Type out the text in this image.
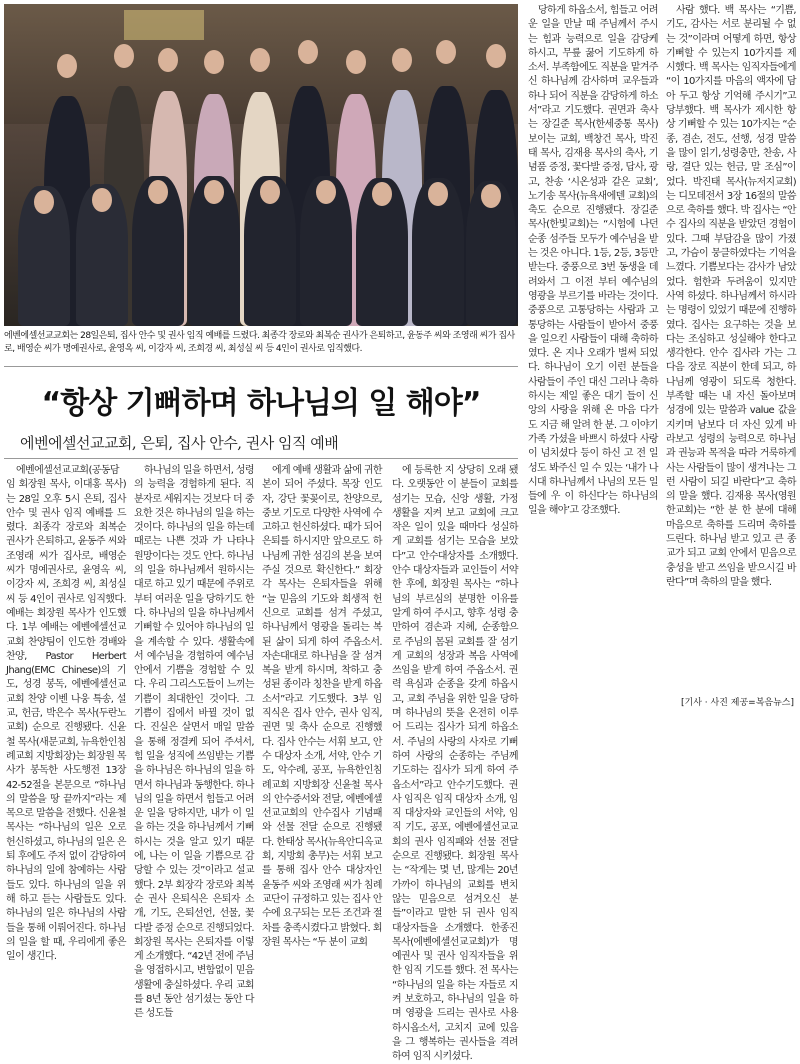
에벤에셀선교교회는 28일은퇴, 집사 안수 및 권사 임직 예배를 드렸다. 최종각 장로와 최복순 권사가 은퇴하고, 윤동주 씨와 조영래 씨가 집사로, 배영순 씨가 명예권사로, 윤영옥 씨, 이강자 씨, 조희경 씨, 최성실 씨 등 4인이 권사로 임직했다.
“항상 기뻐하며 하나님의 일 해야”
에벤에셀선교교회, 은퇴, 집사 안수, 권사 임직 예배

에벤에셀선교교회(공동담임 회장원 목사, 이대홍 목사)는 28일 오후 5시 은퇴, 집사 안수 및 권사 임직 예배를 드렸다. 최종각 장로와 최복순 권사가 은퇴하고, 윤동주 씨와 조영래 씨가 집사로, 배영순 씨가 명예권사로, 윤영옥 씨, 이강자 씨, 조희경 씨, 최성실 씨 등 4인이 권사로 임직했다. 예배는 회장원 목사가 인도했다. 1부 예배는 에벤에셀선교교회 찬양팀이 인도한 경배와 찬양, Pastor Herbert Jhang(EMC Chinese)의 기도, 성경 봉독, 에벤에셀선교교회 찬양 이벤 나웅 특송, 설교, 헌금, 박은수 목사(두란노교회) 순으로 진행됐다. 신윤철 목사(새문교회, 뉴욕한인침례교회 지방회장)는 회장원 목사가 봉독한 사도행전 13장 42-52절을 본문으로 “하나님의 말씀을 땅 끝까지”라는 제목으로 말씀을 전했다. 신윤철 목사는 “하나님의 일은 오로 헌신하셨고, 하나님의 일은 은퇴 후에도 주저 없이 감당하여 하나님의 일에 참예하는 사람들도 있다. 하나님의 일을 위해 하고 듣는 사람들도 있다. 하나님의 일은 하나님의 사람들을 통해 이뤄어진다. 하나님의 일을 할 때, 우리에게 좋은 일이 생긴다.

하나님의 일을 하면서, 성령의 능력을 경험하게 된다. 직분자로 세워지는 것보다 더 중요한 것은 하나님의 일을 하는 것이다. 하나님의 일을 하는데 때로는 나쁜 것과 가 나타나 원망이다는 것도 안다. 하나님의 일을 하나님께서 원하시는대로 하고 있기 때문에 주위로부터 여러운 일을 당하기도 한다. 하나님의 일을 하나님께서 기뻐할 수 있어야 하나님의 일을 계속할 수 있다. 생활속에서 예수님을 경험하여 예수님 안에서 기쁨을 경험할 수 있다. 우리 그리스도들이 느끼는 기쁨이 최대한인 것이다. 그 기쁨이 집에서 바뀔 것이 없다. 진실은 살면서 매일 말씀을 통해 정결케 되어 주셔서, 힘 일을 성직에 쓰임받는 기쁨을 하나님은 하나님의 일을 하면서 하나님과 동행한다. 하나님의 일을 하면서 힘들고 어려운 일을 당하지만, 내가 이 일을 하는 것을 하나님께서 기뻐하시는 것을 알고 있기 때문에, 나는 이 일을 기쁨으로 감당할 수 있는 것”이라고 설교했다. 2부 회장각 장로와 최복순 권사 은퇴식은 은퇴자 소개, 기도, 은퇴선언, 선물, 꽃다발 증정 순으로 진행되었다. 회장원 목사는 은퇴자를 이렇게 소개했다. “42년 전에 주님을 영접하시고, 변함없이 믿음 생활에 충실하셨다. 우리 교회를 8년 동안 섬기셨는 동안 다른 성도들

에게 예배 생활과 삶에 귀한 본이 되어 주셨다. 목장 인도자, 강단 꽃꽂이로, 찬양으로, 중보 기도로 다양한 사역에 수고하고 헌신하셨다. 때가 되어 은퇴를 하시지만 앞으로도 하나님께 귀한 섬김의 본을 보여 주실 것으로 확신한다.” 회장각 목사는 은퇴자들을 위해 “늘 믿음의 기도와 희생적 헌신으로 교회를 섬겨 주셨고, 하나님께서 영광을 돌리는 복된 삶이 되게 하여 주옵소서. 자손대대로 하나님을 잘 섬겨 복을 받게 하시며, 착하고 충성된 종이라 칭찬을 받게 하옵소서”라고 기도했다. 3부 임직식은 집사 안수, 권사 임직, 권면 및 축사 순으로 진행했다. 집사 안수는 서휘 보고, 안수 대상자 소개, 서약, 안수 기도, 악수례, 공포, 뉴욕한인침례교회 지방회장 신윤철 목사의 안수증서와 전달, 에벤에셀선교교회의 안수집사 기념패와 선물 전달 순으로 진행됐다. 한태상 목사(뉴욕안디옥교회, 지방회 총무)는 서휘 보고를 통해 집사 안수 대상자인 윤동주 씨와 조영래 씨가 침례교단이 규정하고 있는 집사 안수에 요구되는 모든 조건과 절차를 충족시켰다고 밝혔다. 회장원 목사는 “두 분이 교회

에 등록한 지 상당히 오래 됐다. 오랫동안 이 분들이 교회를 섬기는 모습, 신앙 생활, 가정 생활을 지켜 보고 교회에 크고 작은 일이 있을 때마다 성실하게 교회를 섬기는 모습을 보았다”고 안수대상자를 소개했다. 안수 대상자들과 교인들이 서약한 후에, 회장원 목사는 “하나님의 부르심의 분명한 이유를 알게 하여 주시고, 향후 성령 충만하여 겸손과 지혜, 순종함으로 주님의 몸된 교회를 잘 섬기게 교회의 성장과 복음 사역에 쓰임을 받게 하여 주옵소서. 권력 욕심과 순종을 갖게 하옵시고, 교회 주님을 위한 일을 당하며 하나님의 뜻을 온전히 이루어 드리는 집사가 되게 하옵소서. 주님의 사랑의 사자로 기뻐하여 사랑의 순종하는 주님께 기도하는 집사가 되게 하여 주옵소서”라고 안수기도했다. 권사 임직은 임직 대상자 소개, 임직 대상자와 교인들의 서약, 임직 기도, 공포, 에벤에셀선교교회의 권사 임직패와 선물 전달 순으로 진행됐다. 회장원 목사는 “작게는 몇 년, 많게는 20년 가까이 하나님의 교회를 변치 않는 믿음으로 섬겨오신 분들”이라고 말한 뒤 권사 임직 대상자들을 소개했다. 한종진 목사(에벤에셀선교교회)가 명예권사 및 권사 임직자들을 위한 임직 기도를 했다. 전 목사는 “하나님의 일을 하는 자들로 지켜 보호하고, 하나님의 일을 하며 영광을 드리는 권사로 사용하시옵소서, 고치지 교에 있음을 그 행복하는 권사들을 격려하여 임직 시키셨다.

당하게 하옵소서, 힘들고 어려운 일을 만날 때 주님께서 주시는 힘과 능력으로 일을 감당케 하시고, 무릎 꿇어 기도하게 하소서. 부족함에도 직분을 맡겨주신 하나님께 감사하며 교우들과 하나 되어 직분을 감당하게 하소서”라고 기도했다. 권면과 축사는 장길준 목사(한세중통 목사) 보이는 교회, 백창건 목사, 박진태 목사, 김재용 목사의 축사, 기념품 증정, 꽃다발 증정, 답사, 광고, 찬송 ‘시온성과 같은 교회’, 노기송 목사(뉴욕새에덴 교회)의 축도 순으로 진행됐다. 장길준 목사(한빛교회)는 “시험에 나던 순종 섬주들 모두가 예수님을 받는 것은 아니다. 1등, 2등, 3등만 받는다. 중풍으로 3번 동생을 데려와서 그 이전 부터 예수님의 영광을 부르기를 바라는 것이다. 중풍으로 고통당하는 사람과 고통당하는 사람들이 받아서 중풍을 일으킨 사람들이 대해 축하하였다. 온 지나 오래가 벌써 되었다. 하나님이 오기 이런 분들을 사람들이 주인 대신 그러나 축하 하시는 제일 좋은 대기 들이 신앙의 사랑을 위해 온 마음 다가도 지금 해 알려 한 분. 그 이야기 가족 가셨을 바쁘시 하셨다 사랑이 넘치셨다 등이 하신 고 전 일 성도 봐주신 일 수 있는 ‘내가 나 시대 하나님께서 나님의 모든 일들에 우 이 하신다’는 하나님의 일을 해야’고 강조했다.

사람 했다. 백 목사는 “기쁨, 기도, 감사는 서로 분리될 수 없는 것”이라며 어떻게 하면, 항상 기뻐할 수 있는지 10가지를 제시했다. 백 목사는 임직자들에게 “이 10가지를 마음의 액자에 담아 두고 항상 기억해 주시기”고 당부했다. 백 목사가 제시한 항상 기뻐할 수 있는 10가지는 “순종, 겸손, 전도, 선행, 성경 말씀을 많이 읽기,성령충만, 찬송, 사랑, 결단 있는 헌금, 말 조심”이었다. 박진태 목사(뉴저지교회)는 디모데전서 3장 16절의 말씀으로 축하를 했다. 박 집사는 “안수 집사의 직분을 받았던 경험이 있다. 그때 부담감을 많이 가졌고, 가슴이 뭉클하였다는 기억을 느꼈다. 기쁨보다는 감사가 남았었다. 험한과 두려움이 있지만 사역 하셨다. 하나님께서 하시라는 명령이 있었기 때문에 진행하였다. 집사는 요구하는 것을 보다는 조심하고 성실해야 한다고 생각한다. 안수 집사라 가는 그 다음 장로 직분이 한데 되고, 하나님께 영광이 되도록 청한다. 부족할 때는 내 자신 돌아보며 성경에 있는 말씀과 value 값을 지키며 남보다 더 자신 있게 바라보고 성령의 능력으로 하나님과 권능과 목적을 따라 거룩하게 사는 사람들이 많이 생겨나는 그런 사람이 되길 바란다”고 축하의 말을 했다. 김재용 목사(영원한교회)는 “한 분 한 분에 대해 마음으로 축하를 드리며 축하를 드린다. 하나님 받고 있고 큰 종교가 되고 교회 안에서 믿음으로 충성을 받고 쓰임을 받으시길 바란다”며 축하의 말을 했다.

[기사 · 사진 제공=복음뉴스]
